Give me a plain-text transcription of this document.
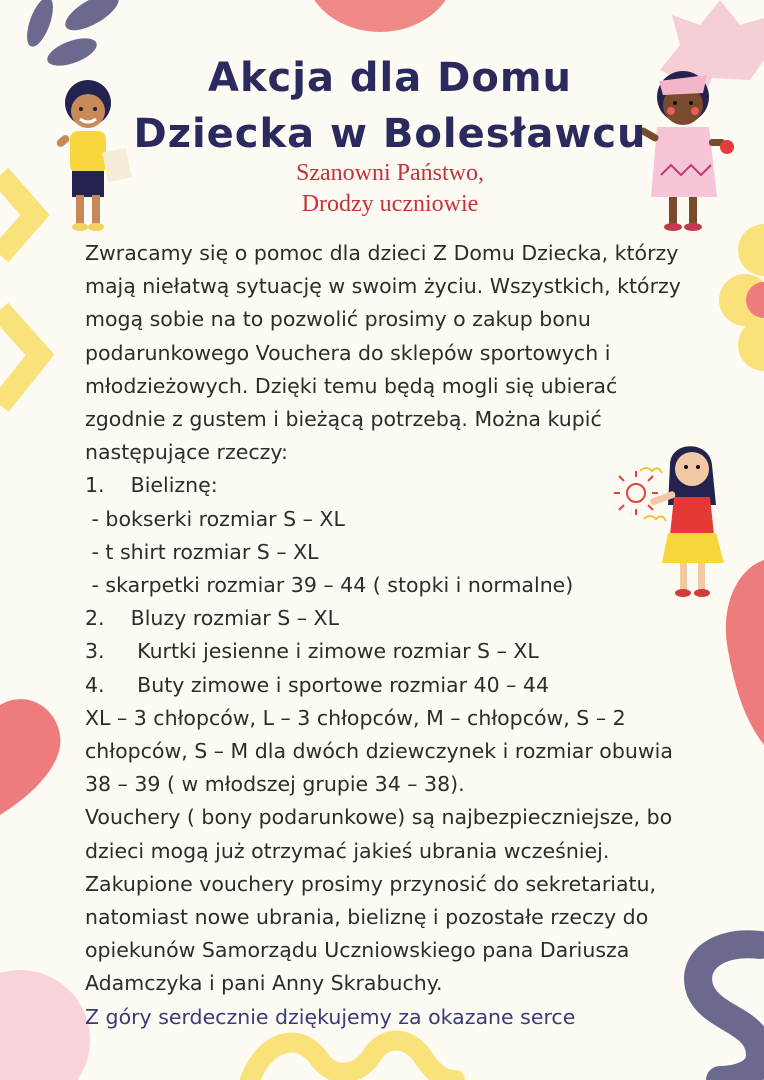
Akcja dla Domu
Dziecka w Bolesławcu
Szanowni Państwo,
Drodzy uczniowie

Zwracamy się o pomoc dla dzieci Z Domu Dziecka, którzy
mają niełatwą sytuację w swoim życiu. Wszystkich, którzy
mogą sobie na to pozwolić prosimy o zakup bonu
podarunkowego Vouchera do sklepów sportowych i
młodzieżowych. Dzięki temu będą mogli się ubierać
zgodnie z gustem i bieżącą potrzebą. Można kupić
następujące rzeczy:
1.    Bieliznę:
- bokserki rozmiar S – XL
- t shirt rozmiar S – XL
- skarpetki rozmiar 39 – 44 ( stopki i normalne)
2.    Bluzy rozmiar S – XL
3.     Kurtki jesienne i zimowe rozmiar S – XL
4.     Buty zimowe i sportowe rozmiar 40 – 44
XL – 3 chłopców, L – 3 chłopców, M – chłopców, S – 2
chłopców, S – M dla dwóch dziewczynek i rozmiar obuwia
38 – 39 ( w młodszej grupie 34 – 38).
Vouchery ( bony podarunkowe) są najbezpieczniejsze, bo
dzieci mogą już otrzymać jakieś ubrania wcześniej.
Zakupione vouchery prosimy przynosić do sekretariatu,
natomiast nowe ubrania, bieliznę i pozostałe rzeczy do
opiekunów Samorządu Uczniowskiego pana Dariusza
Adamczyka i pani Anny Skrabuchy.
Z góry serdecznie dziękujemy za okazane serce
